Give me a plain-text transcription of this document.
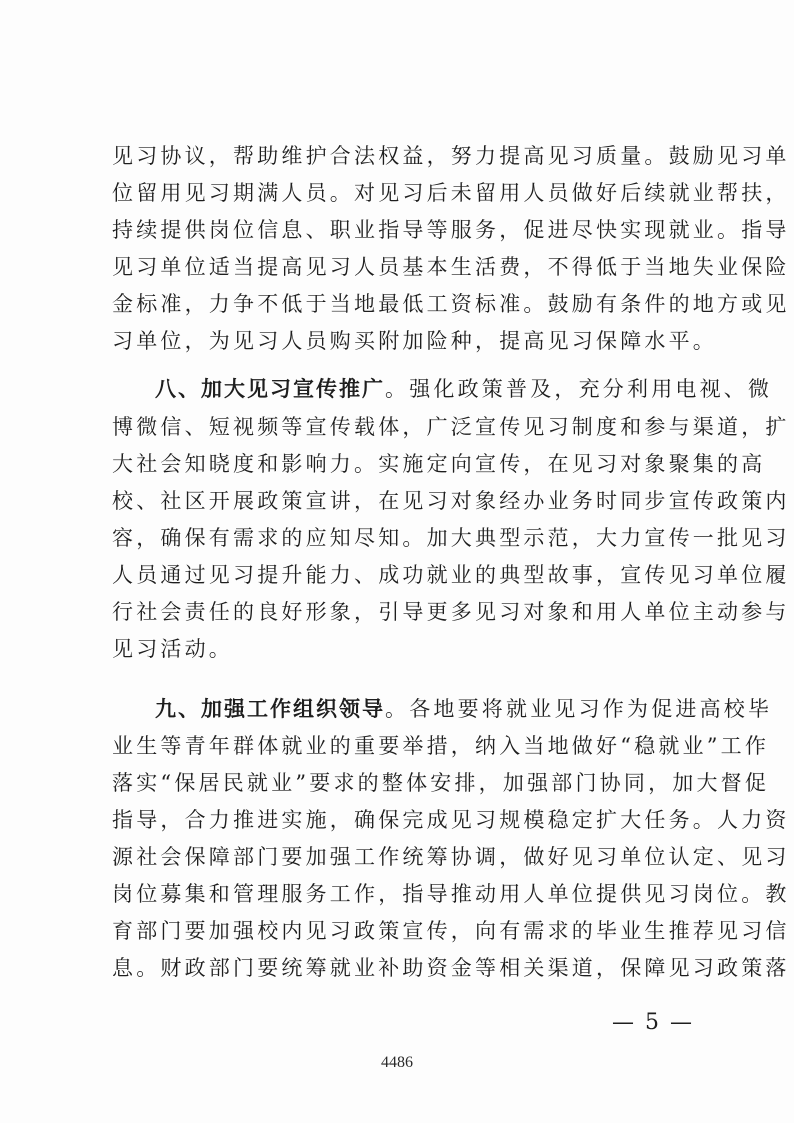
见习协议，帮助维护合法权益，努力提高见习质量。鼓励见习单
位留用见习期满人员。对见习后未留用人员做好后续就业帮扶，
持续提供岗位信息、职业指导等服务，促进尽快实现就业。指导
见习单位适当提高见习人员基本生活费，不得低于当地失业保险
金标准，力争不低于当地最低工资标准。鼓励有条件的地方或见
习单位，为见习人员购买附加险种，提高见习保障水平。
八、加大见习宣传推广。强化政策普及，充分利用电视、微
博微信、短视频等宣传载体，广泛宣传见习制度和参与渠道，扩
大社会知晓度和影响力。实施定向宣传，在见习对象聚集的高
校、社区开展政策宣讲，在见习对象经办业务时同步宣传政策内
容，确保有需求的应知尽知。加大典型示范，大力宣传一批见习
人员通过见习提升能力、成功就业的典型故事，宣传见习单位履
行社会责任的良好形象，引导更多见习对象和用人单位主动参与
见习活动。
九、加强工作组织领导。各地要将就业见习作为促进高校毕
业生等青年群体就业的重要举措，纳入当地做好“稳就业”工作
落实“保居民就业”要求的整体安排，加强部门协同，加大督促
指导，合力推进实施，确保完成见习规模稳定扩大任务。人力资
源社会保障部门要加强工作统筹协调，做好见习单位认定、见习
岗位募集和管理服务工作，指导推动用人单位提供见习岗位。教
育部门要加强校内见习政策宣传，向有需求的毕业生推荐见习信
息。财政部门要统筹就业补助资金等相关渠道，保障见习政策落
— 5 —
4486
